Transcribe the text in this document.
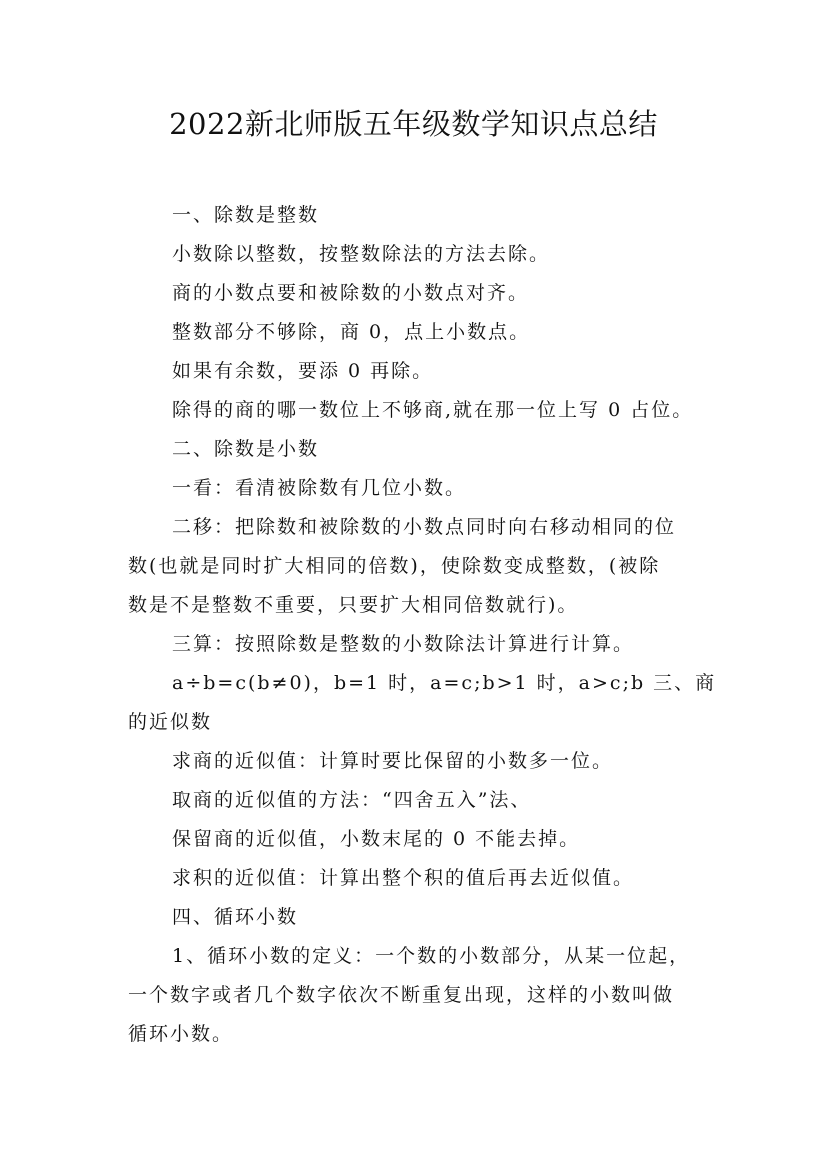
2022新北师版五年级数学知识点总结
一、除数是整数
小数除以整数，按整数除法的方法去除。
商的小数点要和被除数的小数点对齐。
整数部分不够除，商 0，点上小数点。
如果有余数，要添 0 再除。
除得的商的哪一数位上不够商,就在那一位上写 0 占位。
二、除数是小数
一看：看清被除数有几位小数。
二移：把除数和被除数的小数点同时向右移动相同的位
数(也就是同时扩大相同的倍数)，使除数变成整数，(被除
数是不是整数不重要，只要扩大相同倍数就行)。
三算：按照除数是整数的小数除法计算进行计算。
a÷b=c(b≠0)，b=1 时，a=c;b>1 时，a>c;b 三、商
的近似数
求商的近似值：计算时要比保留的小数多一位。
取商的近似值的方法：“四舍五入”法、
保留商的近似值，小数末尾的 0 不能去掉。
求积的近似值：计算出整个积的值后再去近似值。
四、循环小数
1、循环小数的定义：一个数的小数部分，从某一位起，
一个数字或者几个数字依次不断重复出现，这样的小数叫做
循环小数。
